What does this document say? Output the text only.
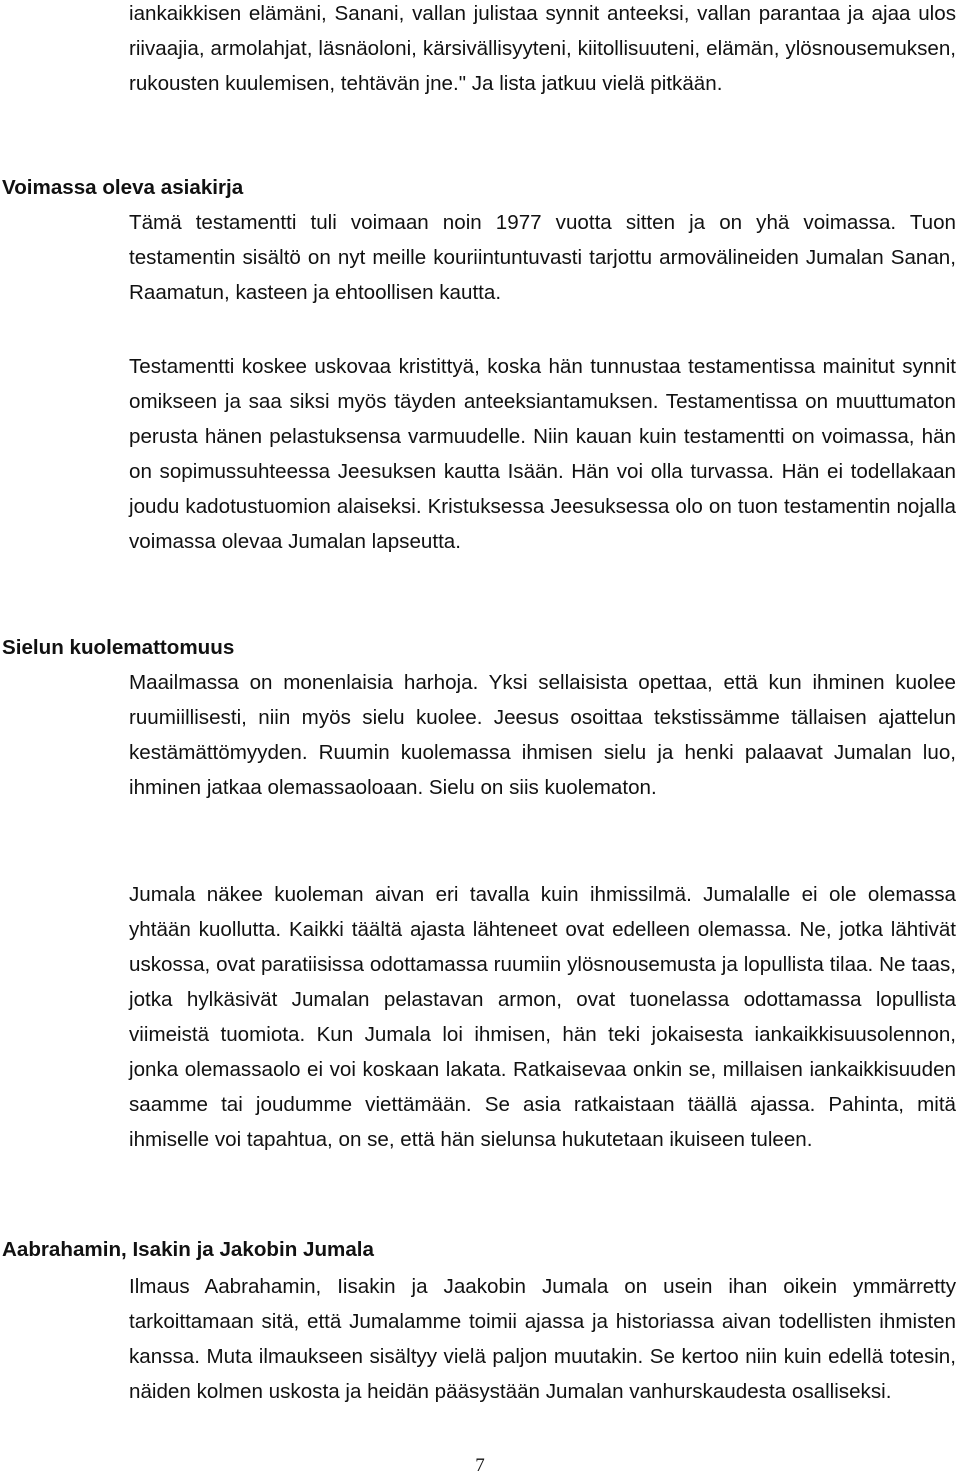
iankaikkisen elämäni, Sanani, vallan julistaa synnit anteeksi, vallan parantaa ja ajaa ulos riivaajia, armolahjat, läsnäoloni, kärsivällisyyteni, kiitollisuuteni, elämän, ylösnousemuksen, rukousten kuulemisen, tehtävän jne." Ja lista jatkuu vielä pitkään.

Voimassa oleva asiakirja

Tämä testamentti tuli voimaan noin 1977 vuotta sitten ja on yhä voimassa. Tuon testamentin sisältö on nyt meille kouriintuntuvasti tarjottu armovälineiden Jumalan Sanan, Raamatun, kasteen ja ehtoollisen kautta.

Testamentti koskee uskovaa kristittyä, koska hän tunnustaa testamentissa mainitut synnit omikseen ja saa siksi myös täyden anteeksiantamuksen. Testamentissa on muuttumaton perusta hänen pelastuksensa varmuudelle. Niin kauan kuin testamentti on voimassa, hän on sopimussuhteessa Jeesuksen kautta Isään. Hän voi olla turvassa. Hän ei todellakaan joudu kadotustuomion alaiseksi. Kristuksessa Jeesuksessa olo on tuon testamentin nojalla voimassa olevaa Jumalan lapseutta.

Sielun kuolemattomuus

Maailmassa on monenlaisia harhoja. Yksi sellaisista opettaa, että kun ihminen kuolee ruumiillisesti, niin myös sielu kuolee. Jeesus osoittaa tekstissämme tällaisen ajattelun kestämättömyyden. Ruumin kuolemassa ihmisen sielu ja henki palaavat Jumalan luo, ihminen jatkaa olemassaoloaan. Sielu on siis kuolematon.

Jumala näkee kuoleman aivan eri tavalla kuin ihmissilmä. Jumalalle ei ole olemassa yhtään kuollutta. Kaikki täältä ajasta lähteneet ovat edelleen olemassa. Ne, jotka lähtivät uskossa, ovat paratiisissa odottamassa ruumiin ylösnousemusta ja lopullista tilaa. Ne taas, jotka hylkäsivät Jumalan pelastavan armon, ovat tuonelassa odottamassa lopullista viimeistä tuomiota. Kun Jumala loi ihmisen, hän teki jokaisesta iankaikkisuusolennon, jonka olemassaolo ei voi koskaan lakata. Ratkaisevaa onkin se, millaisen iankaikkisuuden saamme tai joudumme viettämään. Se asia ratkaistaan täällä ajassa. Pahinta, mitä ihmiselle voi tapahtua, on se, että hän sielunsa hukutetaan ikuiseen tuleen.

Aabrahamin, Isakin ja Jakobin Jumala

Ilmaus Aabrahamin, Iisakin ja Jaakobin Jumala on usein ihan oikein ymmärretty tarkoittamaan sitä, että Jumalamme toimii ajassa ja historiassa aivan todellisten ihmisten kanssa. Muta ilmaukseen sisältyy vielä paljon muutakin. Se kertoo niin kuin edellä totesin, näiden kolmen uskosta ja heidän pääsystään Jumalan vanhurskaudesta osalliseksi.

7
